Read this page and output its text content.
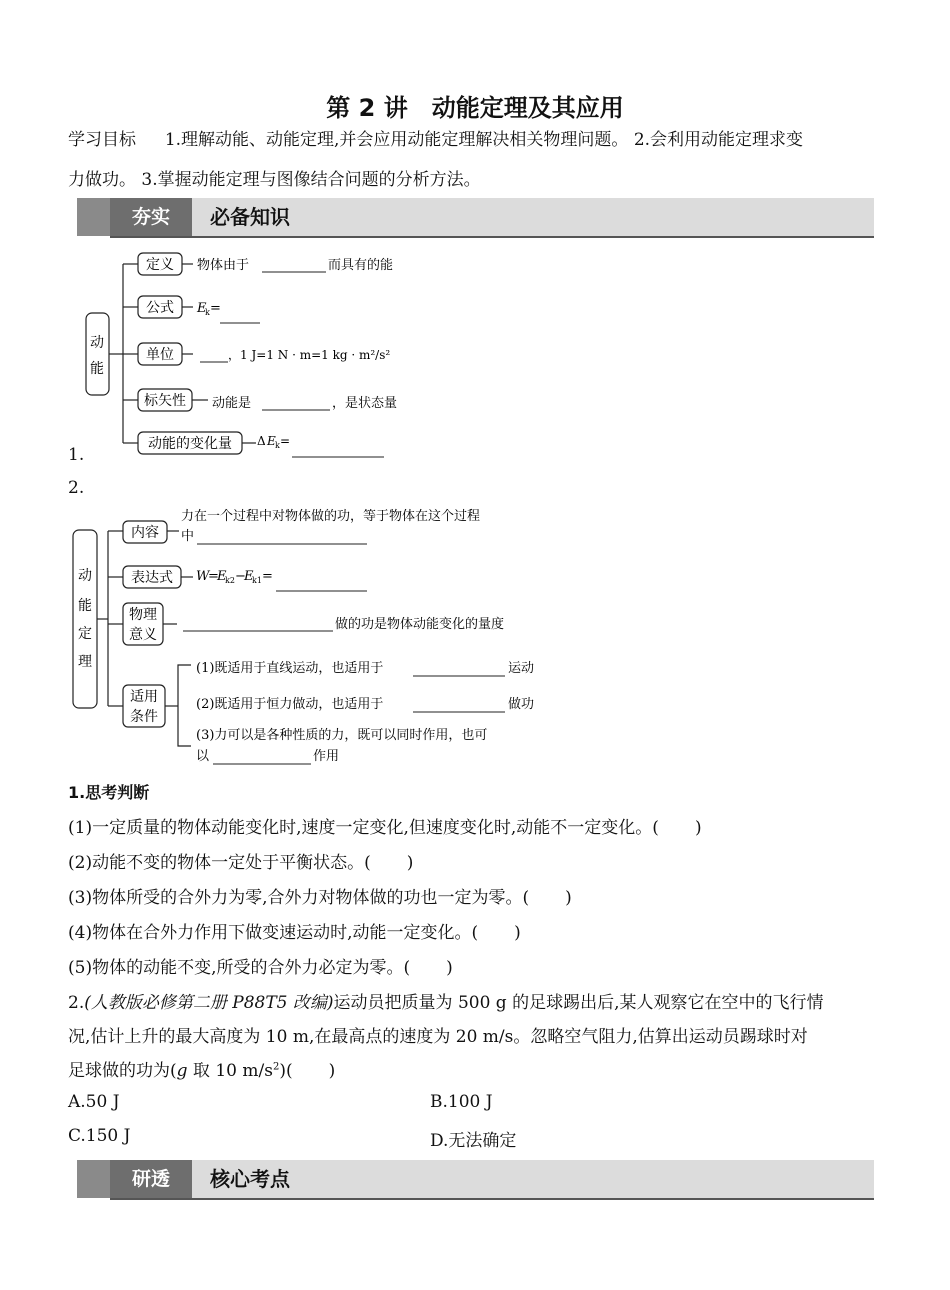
第 2 讲　动能定理及其应用
学习目标 1.理解动能、动能定理,并会应用动能定理解决相关物理问题。 2.会利用动能定理求变
力做功。 3.掌握动能定理与图像结合问题的分析方法。
夯实	必备知识
动
能
定义 物体由于	而具有的能
公式 E
k =
单位	，1 J=1 N · m=1 kg · m²/s²
标矢性 动能是	，是状态量
动能的变化量 Δ E k =
1.
2.
动
能
定
理
内容
力在一个过程中对物体做的功，等于物体在这个过程
中
表达式 W
=
E
k2 −
E
k1 =
物理
意义
做的功是物体动能变化的量度
适用
条件
(1)既适用于直线运动，也适用于	运动
(2)既适用于恒力做动，也适用于	做功
(3)力可以是各种性质的力，既可以同时作用，也可
以	作用
1.思考判断
(1)一定质量的物体动能变化时,速度一定变化,但速度变化时,动能不一定变化。( )
(2)动能不变的物体一定处于平衡状态。( )
(3)物体所受的合外力为零,合外力对物体做的功也一定为零。( )
(4)物体在合外力作用下做变速运动时,动能一定变化。( )
(5)物体的动能不变,所受的合外力必定为零。( )
2.(人教版必修第二册 P88T5 改编)运动员把质量为 500 g 的足球踢出后,某人观察它在空中的飞行情
况,估计上升的最大高度为 10 m,在最高点的速度为 20 m/s。忽略空气阻力,估算出运动员踢球时对
足球做的功为(g 取 10 $m/s^2$)( )
A.50 J	B.100 J
C.150 J	D.无法确定
研透	核心考点
